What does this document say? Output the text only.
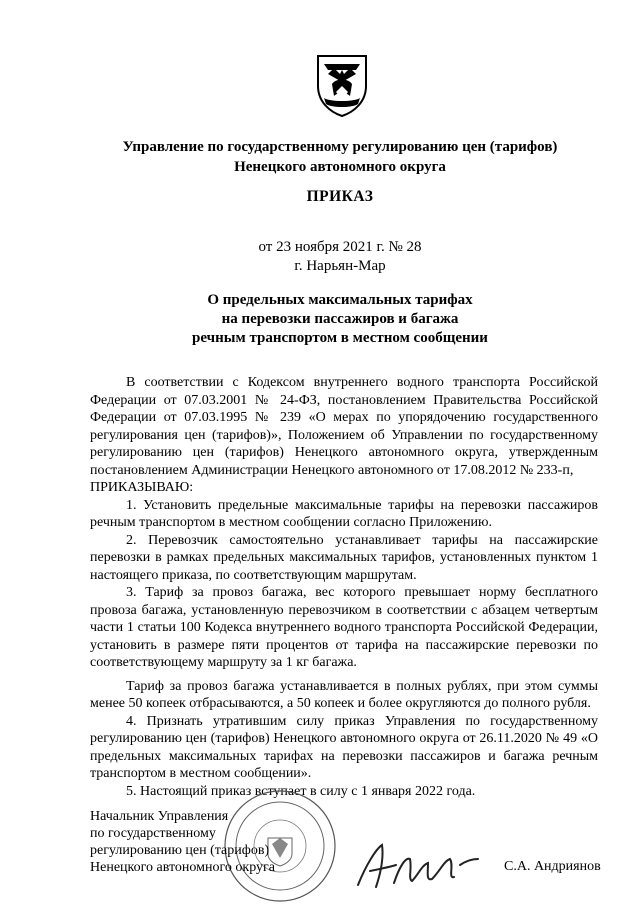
Управление по государственному регулированию цен (тарифов)
Ненецкого автономного округа
ПРИКАЗ
от 23 ноября 2021 г. № 28
г. Нарьян-Мар
О предельных максимальных тарифах
на перевозки пассажиров и багажа
речным транспортом в местном сообщении

В соответствии с Кодексом внутреннего водного транспорта Российской Федерации от 07.03.2001 № 24-ФЗ, постановлением Правительства Российской Федерации от 07.03.1995 № 239 «О мерах по упорядочению государственного регулирования цен (тарифов)», Положением об Управлении по государственному регулированию цен (тарифов) Ненецкого автономного округа, утвержденным постановлением Администрации Ненецкого автономного от 17.08.2012 № 233-п,

ПРИКАЗЫВАЮ:

1. Установить предельные максимальные тарифы на перевозки пассажиров речным транспортом в местном сообщении согласно Приложению.

2. Перевозчик самостоятельно устанавливает тарифы на пассажирские перевозки в рамках предельных максимальных тарифов, установленных пунктом 1 настоящего приказа, по соответствующим маршрутам.

3. Тариф за провоз багажа, вес которого превышает норму бесплатного провоза багажа, установленную перевозчиком в соответствии с абзацем четвертым части 1 статьи 100 Кодекса внутреннего водного транспорта Российской Федерации, установить в размере пяти процентов от тарифа на пассажирские перевозки по соответствующему маршруту за 1 кг багажа.

Тариф за провоз багажа устанавливается в полных рублях, при этом суммы менее 50 копеек отбрасываются, а 50 копеек и более округляются до полного рубля.

4. Признать утратившим силу приказ Управления по государственному регулированию цен (тарифов) Ненецкого автономного округа от 26.11.2020 № 49 «О предельных максимальных тарифах на перевозки пассажиров и багажа речным транспортом в местном сообщении».

5. Настоящий приказ вступает в силу с 1 января 2022 года.

Начальник Управления
по государственному
регулированию цен (тарифов)
Ненецкого автономного округа	С.А. Андриянов
